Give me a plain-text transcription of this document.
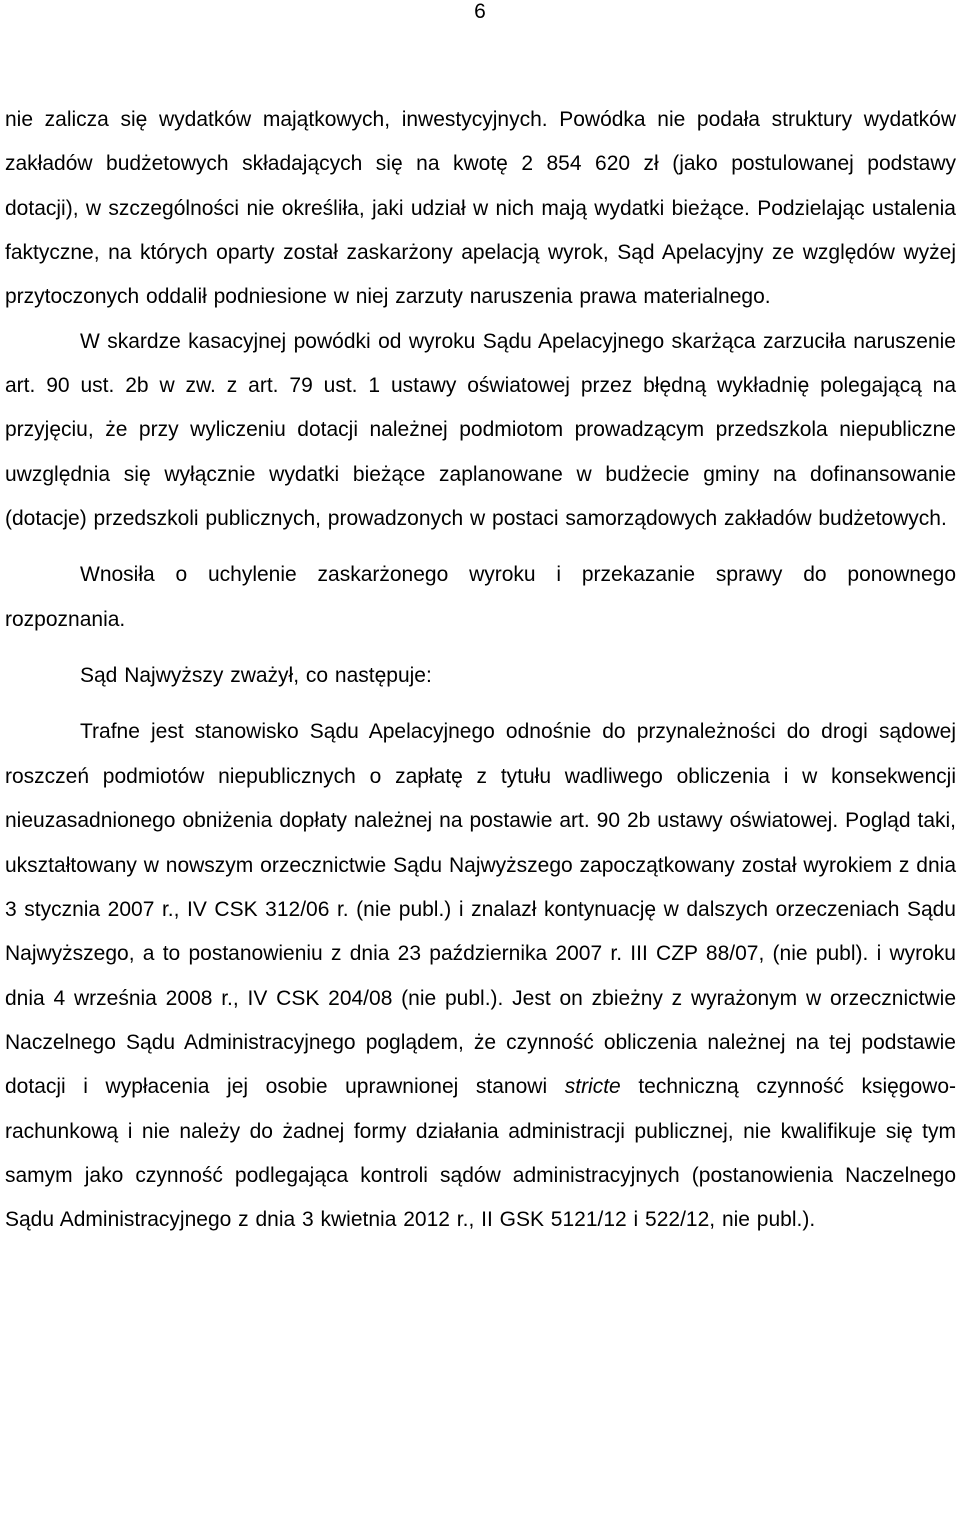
6

nie zalicza się wydatków majątkowych, inwestycyjnych. Powódka nie podała struktury wydatków zakładów budżetowych składających się na kwotę 2 854 620 zł (jako postulowanej podstawy dotacji), w szczególności nie określiła, jaki udział w nich mają wydatki bieżące. Podzielając ustalenia faktyczne, na których oparty został zaskarżony apelacją wyrok, Sąd Apelacyjny ze względów wyżej przytoczonych oddalił podniesione w niej zarzuty naruszenia prawa materialnego.

W skardze kasacyjnej powódki od wyroku Sądu Apelacyjnego skarżąca zarzuciła naruszenie art. 90 ust. 2b w zw. z art. 79 ust. 1 ustawy oświatowej przez błędną wykładnię polegającą na przyjęciu, że przy wyliczeniu dotacji należnej podmiotom prowadzącym przedszkola niepubliczne uwzględnia się wyłącznie wydatki bieżące zaplanowane w budżecie gminy na dofinansowanie (dotacje) przedszkoli publicznych, prowadzonych w postaci samorządowych zakładów budżetowych.

Wnosiła o uchylenie zaskarżonego wyroku i przekazanie sprawy do ponownego rozpoznania.

Sąd Najwyższy zważył, co następuje:

Trafne jest stanowisko Sądu Apelacyjnego odnośnie do przynależności do drogi sądowej roszczeń podmiotów niepublicznych o zapłatę z tytułu wadliwego obliczenia i w konsekwencji nieuzasadnionego obniżenia dopłaty należnej na postawie art. 90 2b ustawy oświatowej. Pogląd taki, ukształtowany w nowszym orzecznictwie Sądu Najwyższego zapoczątkowany został wyrokiem z dnia 3 stycznia 2007 r., IV CSK 312/06 r. (nie publ.) i znalazł kontynuację w dalszych orzeczeniach Sądu Najwyższego, a to postanowieniu z dnia 23 października 2007 r. III CZP 88/07, (nie publ). i wyroku dnia 4 września 2008 r., IV CSK 204/08 (nie publ.). Jest on zbieżny z wyrażonym w orzecznictwie Naczelnego Sądu Administracyjnego poglądem, że czynność obliczenia należnej na tej podstawie dotacji i wypłacenia jej osobie uprawnionej stanowi stricte techniczną czynność księgowo-rachunkową i nie należy do żadnej formy działania administracji publicznej, nie kwalifikuje się tym samym jako czynność podlegająca kontroli sądów administracyjnych (postanowienia Naczelnego Sądu Administracyjnego z dnia 3 kwietnia 2012 r., II GSK 5121/12 i 522/12, nie publ.).
